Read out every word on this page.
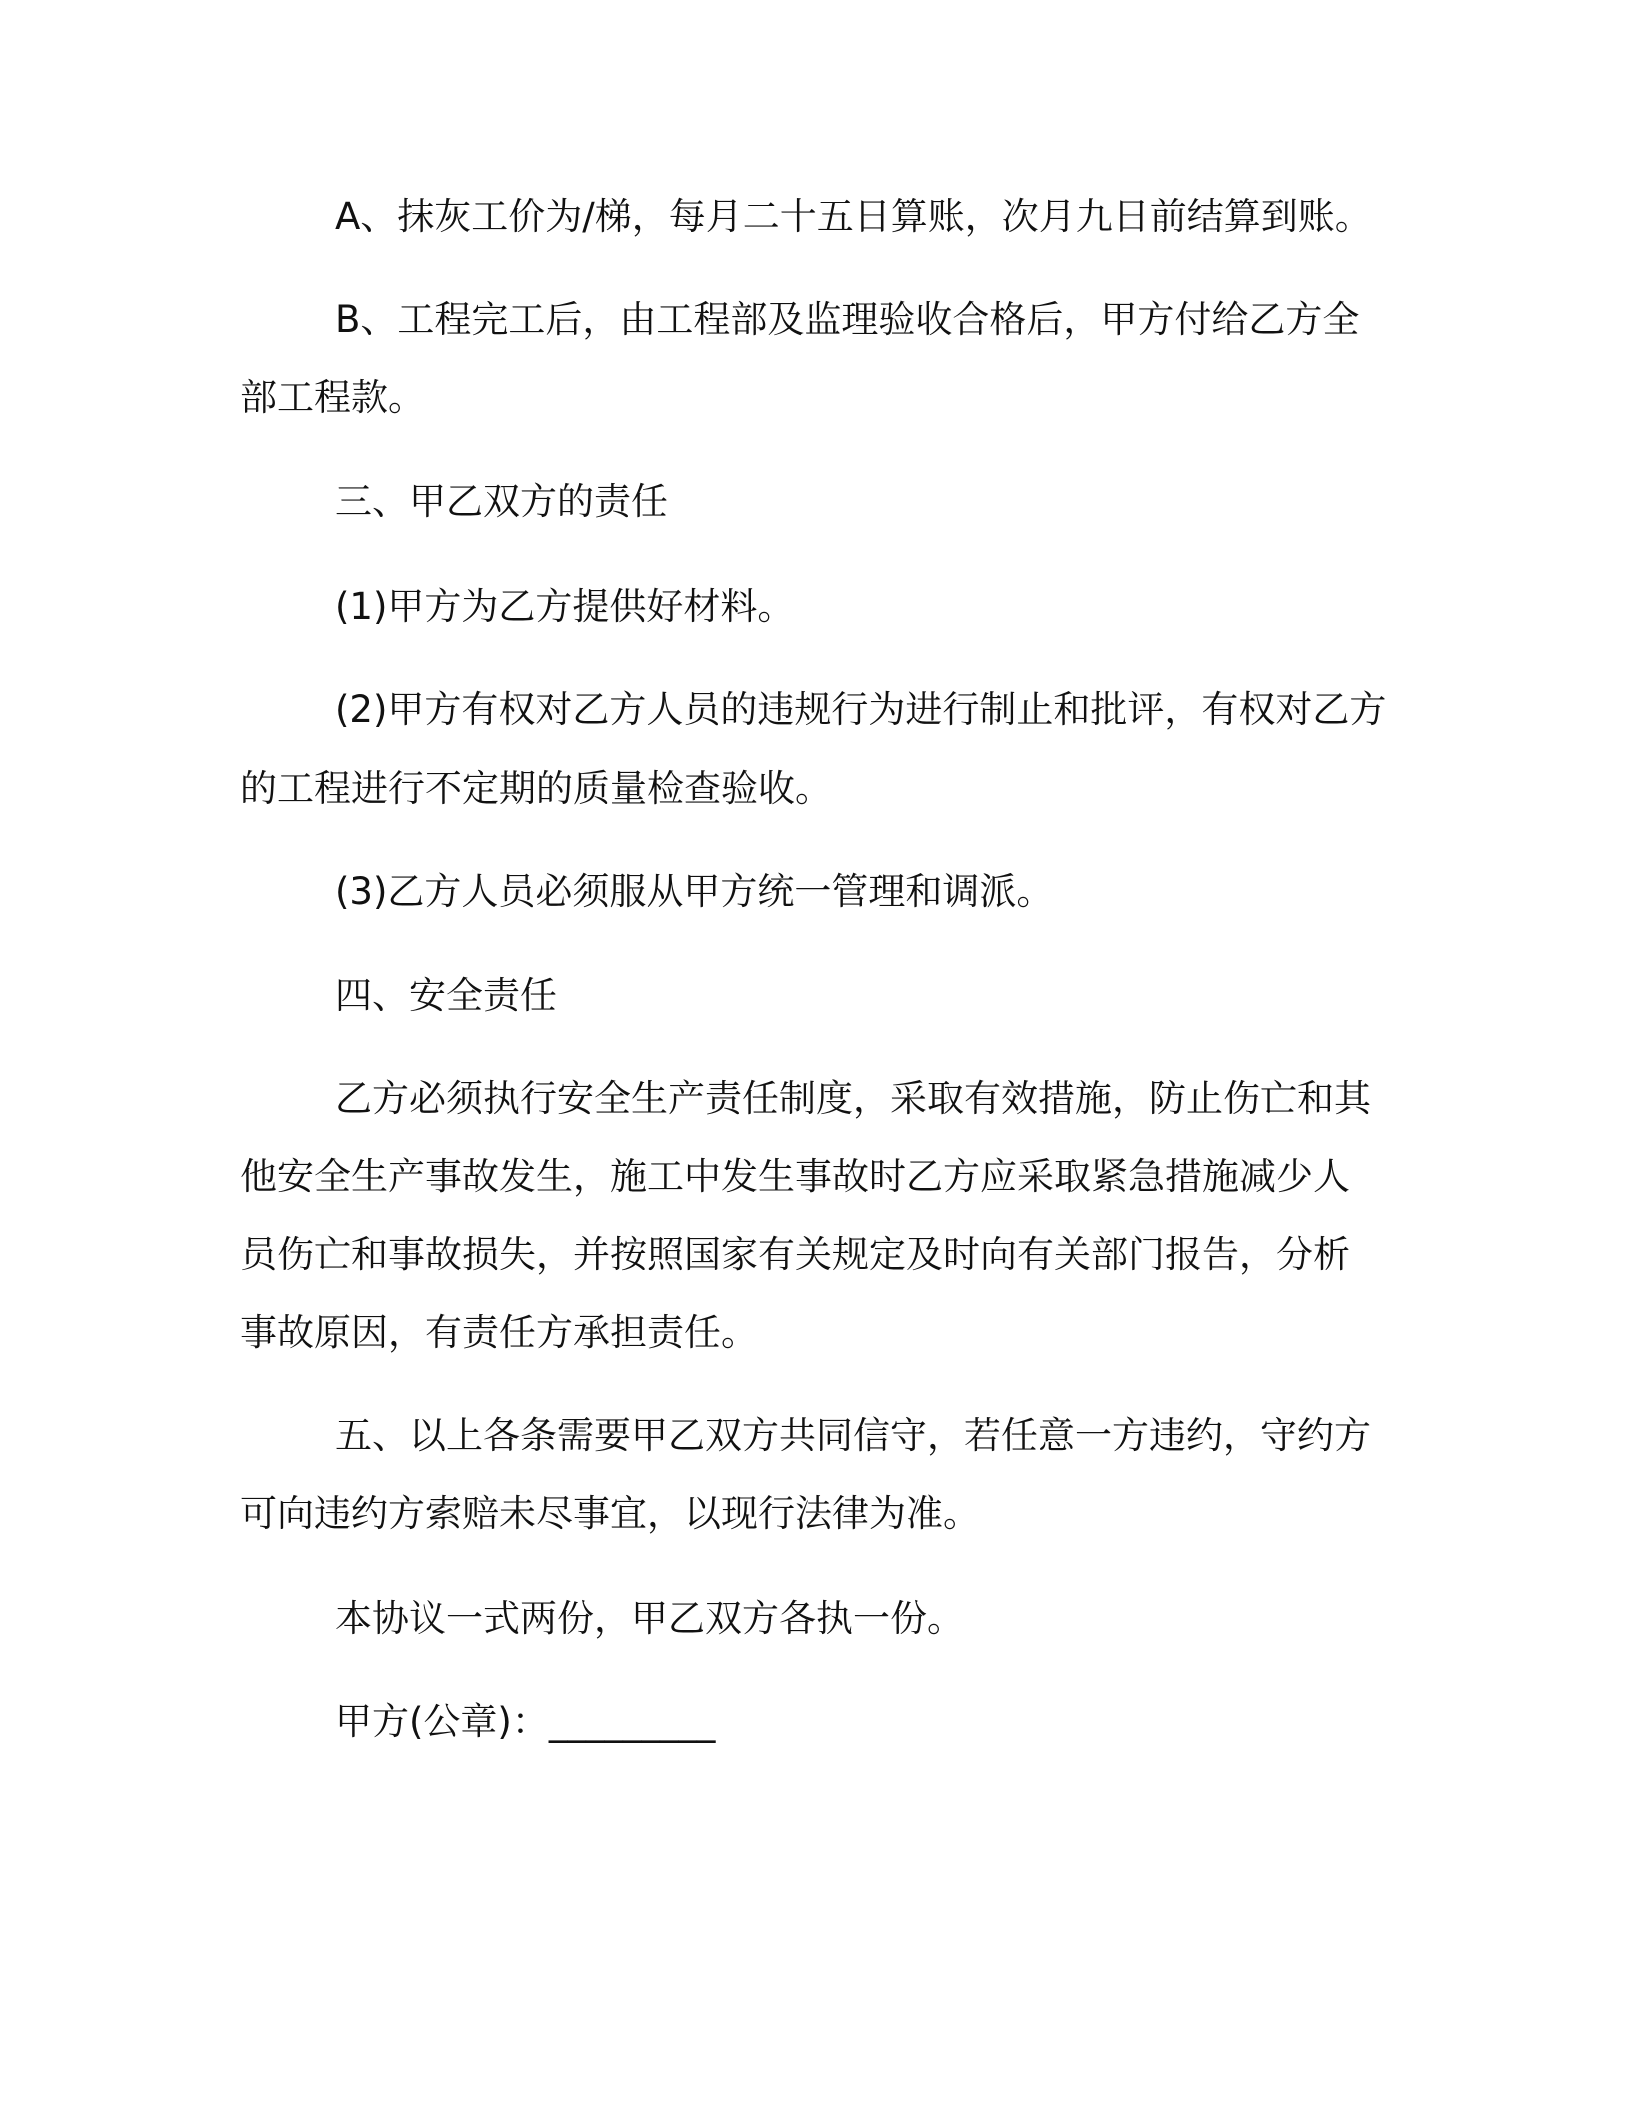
A、抹灰工价为/梯，每月二十五日算账，次月九日前结算到账。
B、工程完工后，由工程部及监理验收合格后，甲方付给乙方全
部工程款。
三、甲乙双方的责任
(1)甲方为乙方提供好材料。
(2)甲方有权对乙方人员的违规行为进行制止和批评，有权对乙方
的工程进行不定期的质量检查验收。
(3)乙方人员必须服从甲方统一管理和调派。
四、安全责任
乙方必须执行安全生产责任制度，采取有效措施，防止伤亡和其
他安全生产事故发生，施工中发生事故时乙方应采取紧急措施减少人
员伤亡和事故损失，并按照国家有关规定及时向有关部门报告，分析
事故原因，有责任方承担责任。
五、以上各条需要甲乙双方共同信守，若任意一方违约，守约方
可向违约方索赔未尽事宜，以现行法律为准。
本协议一式两份，甲乙双方各执一份。
甲方(公章)：_________
